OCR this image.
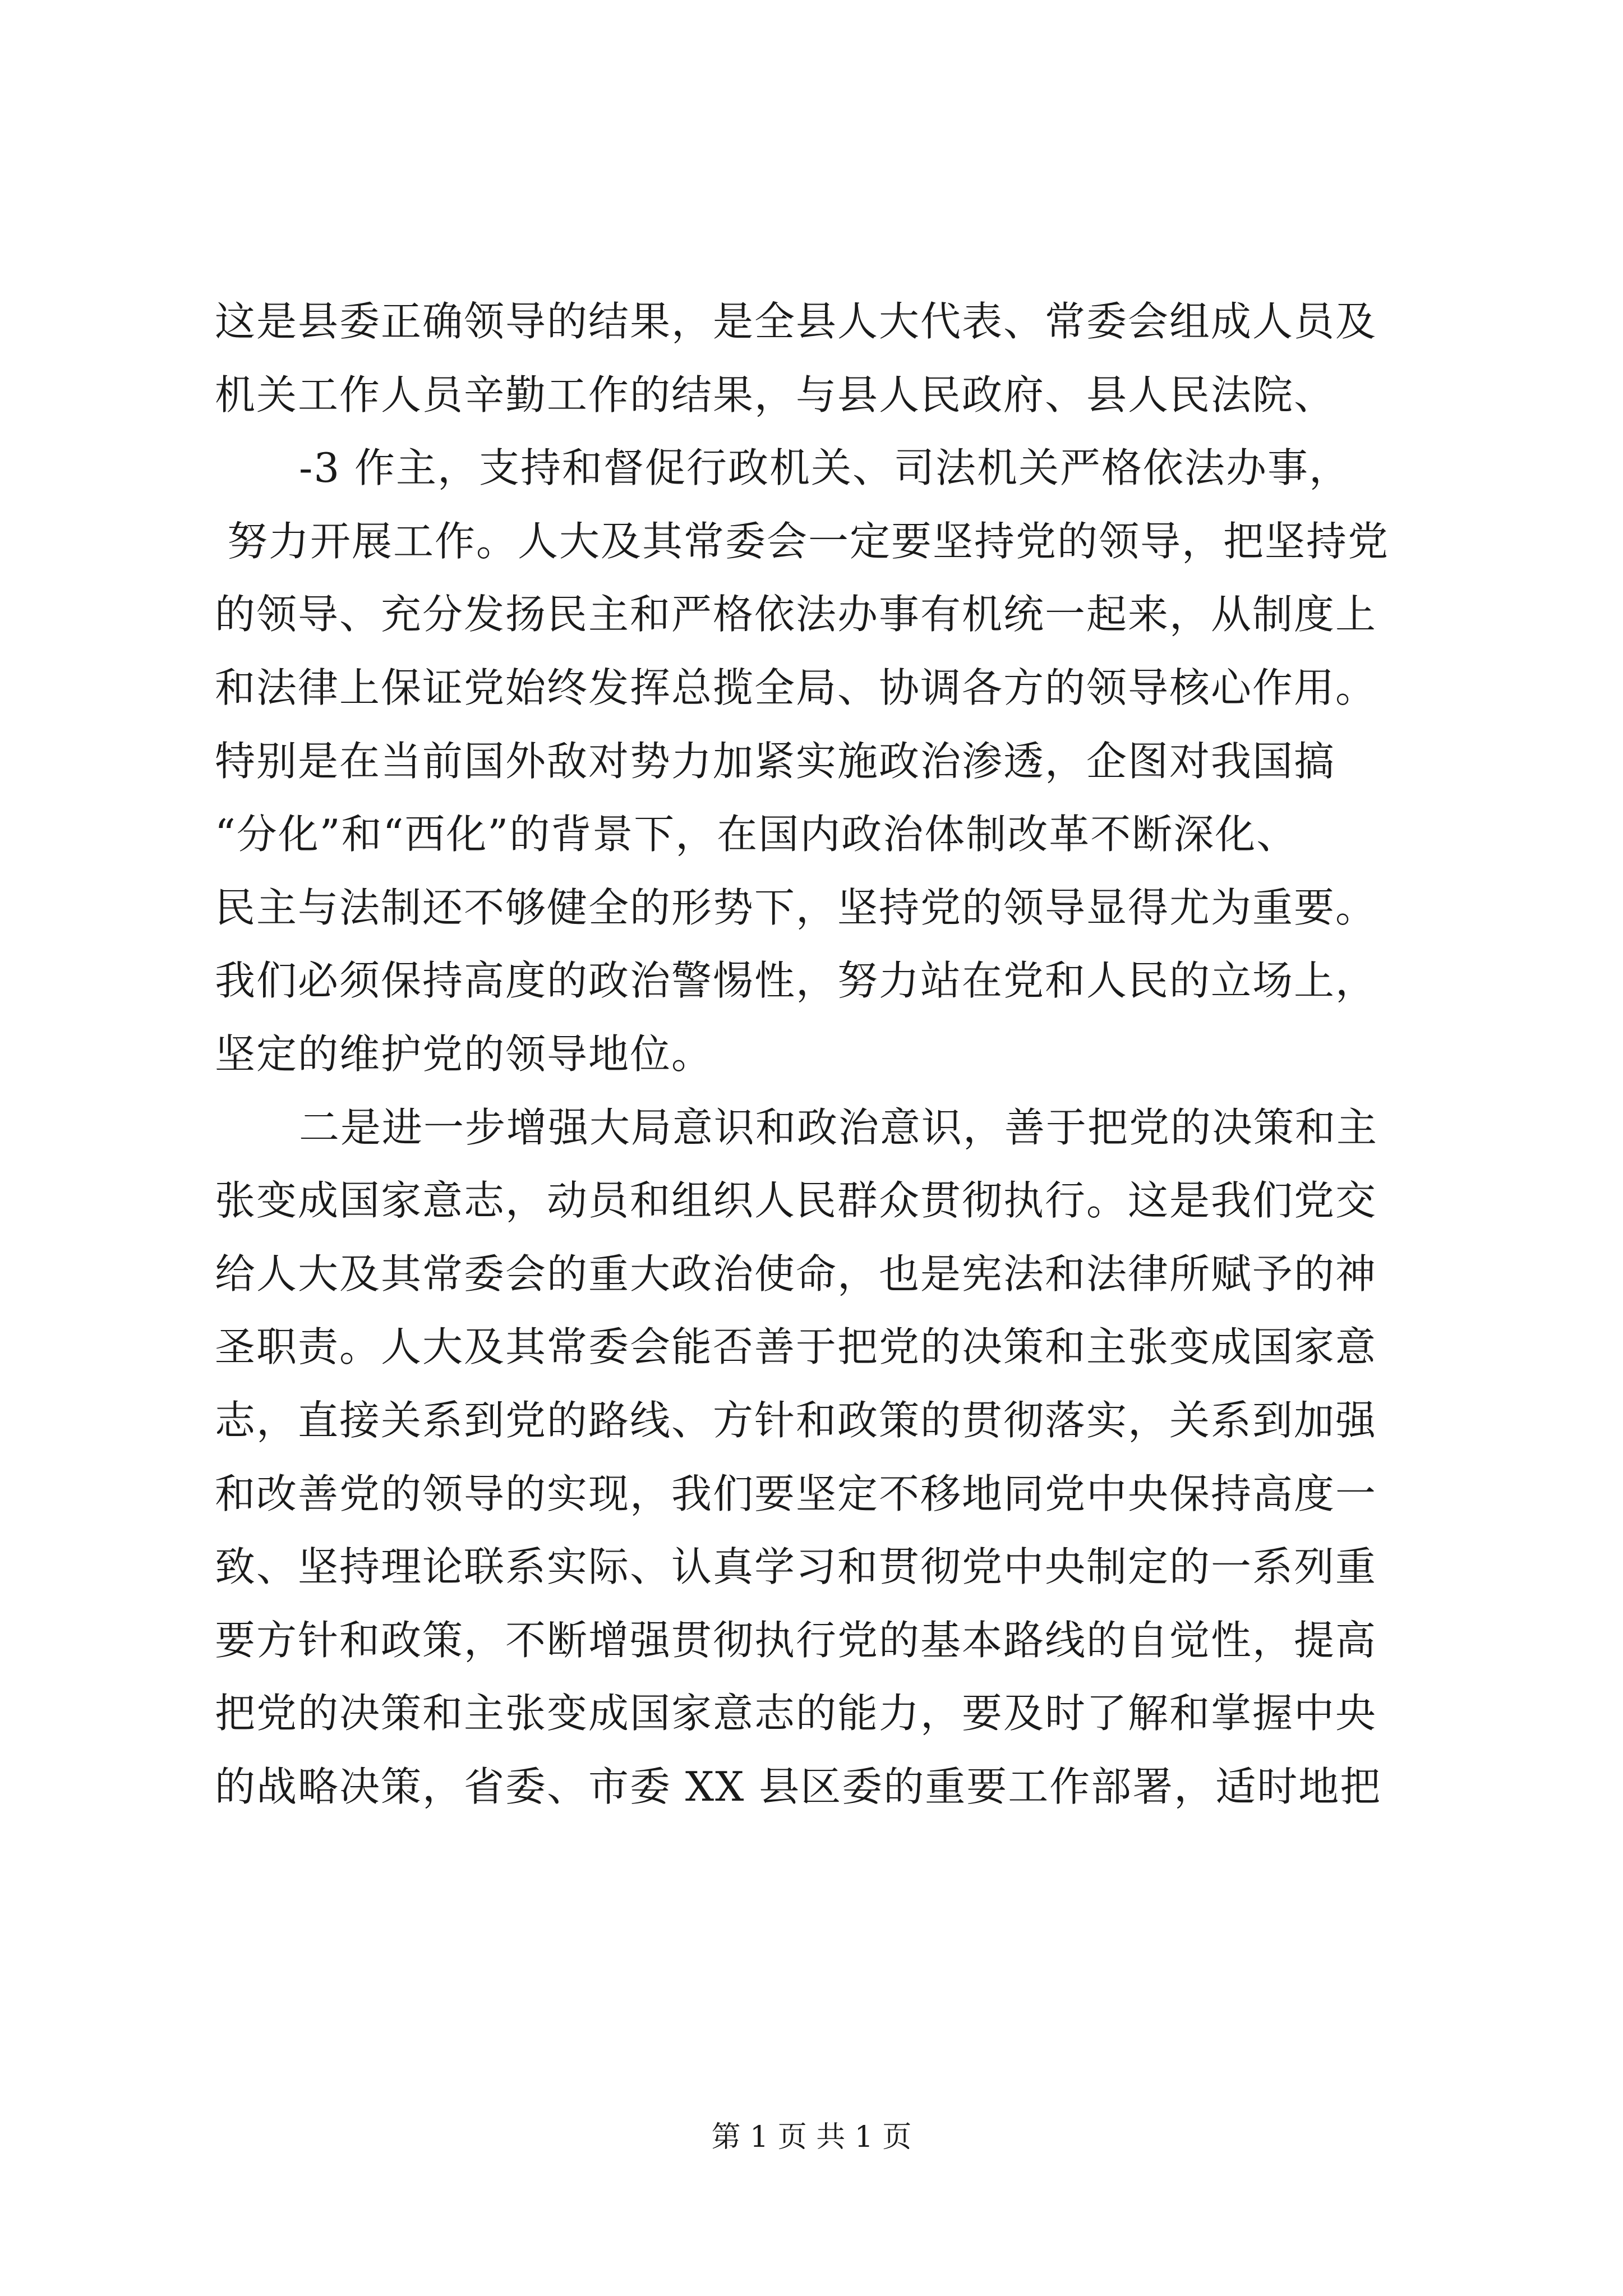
这是县委正确领导的结果，是全县人大代表、常委会组成人员及
机关工作人员辛勤工作的结果，与县人民政府、县人民法院、
-3 作主，支持和督促行政机关、司法机关严格依法办事，
努力开展工作。人大及其常委会一定要坚持党的领导，把坚持党
的领导、充分发扬民主和严格依法办事有机统一起来，从制度上
和法律上保证党始终发挥总揽全局、协调各方的领导核心作用。
特别是在当前国外敌对势力加紧实施政治渗透，企图对我国搞
“分化”和“西化”的背景下，在国内政治体制改革不断深化、
民主与法制还不够健全的形势下，坚持党的领导显得尤为重要。
我们必须保持高度的政治警惕性，努力站在党和人民的立场上，
坚定的维护党的领导地位。
二是进一步增强大局意识和政治意识，善于把党的决策和主
张变成国家意志，动员和组织人民群众贯彻执行。这是我们党交
给人大及其常委会的重大政治使命，也是宪法和法律所赋予的神
圣职责。人大及其常委会能否善于把党的决策和主张变成国家意
志，直接关系到党的路线、方针和政策的贯彻落实，关系到加强
和改善党的领导的实现，我们要坚定不移地同党中央保持高度一
致、坚持理论联系实际、认真学习和贯彻党中央制定的一系列重
要方针和政策，不断增强贯彻执行党的基本路线的自觉性，提高
把党的决策和主张变成国家意志的能力，要及时了解和掌握中央
的战略决策，省委、市委 XX 县区委的重要工作部署，适时地把
第 1 页 共 1 页
